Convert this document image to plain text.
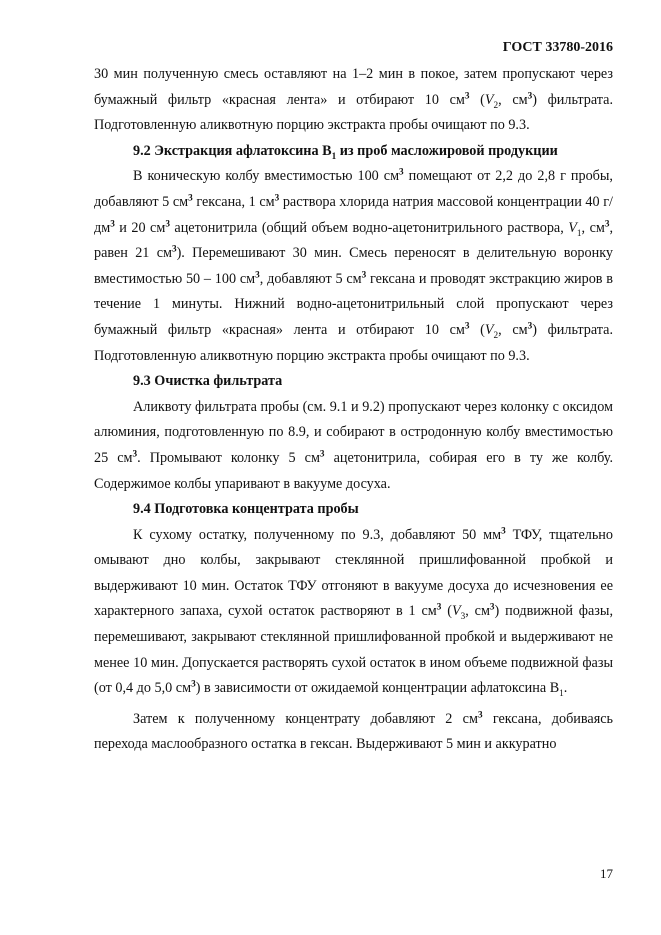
ГОСТ 33780-2016

30 мин полученную смесь оставляют на 1–2 мин в покое, затем пропускают через бумажный фильтр «красная лента» и отбирают 10 $см^3$ ($V_2$, $см^3$) фильтрата. Подготовленную аликвотную порцию экстракта пробы очищают по 9.3.

9.2 Экстракция афлатоксина $В_1$ из проб масложировой продукции

В коническую колбу вместимостью 100 $см^3$ помещают от 2,2 до 2,8 г пробы, добавляют 5 $см^3$ гексана, 1 $см^3$ раствора хлорида натрия массовой концентрации 40 $г/дм^3$ и 20 $см^3$ ацетонитрила (общий объем водно-ацетонитрильного раствора, $V_1$, $см^3$, равен 21 $см^3$). Перемешивают 30 мин. Смесь переносят в делительную воронку вместимостью 50 – 100 $см^3$, добавляют 5 $см^3$ гексана и проводят экстракцию жиров в течение 1 минуты. Нижний водно-ацетонитрильный слой пропускают через бумажный фильтр «красная» лента и отбирают 10 $см^3$ ($V_2$, $см^3$) фильтрата. Подготовленную аликвотную порцию экстракта пробы очищают по 9.3.

9.3 Очистка фильтрата

Аликвоту фильтрата пробы (см. 9.1 и 9.2) пропускают через колонку с оксидом алюминия, подготовленную по 8.9, и собирают в остродонную колбу вместимостью 25 $см^3$. Промывают колонку 5 $см^3$ ацетонитрила, собирая его в ту же колбу. Содержимое колбы упаривают в вакууме досуха.

9.4 Подготовка концентрата пробы

К сухому остатку, полученному по 9.3, добавляют 50 $мм^3$ ТФУ, тщательно омывают дно колбы, закрывают стеклянной пришлифованной пробкой и выдерживают 10 мин. Остаток ТФУ отгоняют в вакууме досуха до исчезновения ее характерного запаха, сухой остаток растворяют в 1 $см^3$ ($V_3$, $см^3$) подвижной фазы, перемешивают, закрывают стеклянной пришлифованной пробкой и выдерживают не менее 10 мин. Допускается растворять сухой остаток в ином объеме подвижной фазы (от 0,4 до 5,0 $см^3$) в зависимости от ожидаемой концентрации афлатоксина $В_1$.

Затем к полученному концентрату добавляют 2 $см^3$ гексана, добиваясь перехода маслообразного остатка в гексан. Выдерживают 5 мин и аккуратно

17
